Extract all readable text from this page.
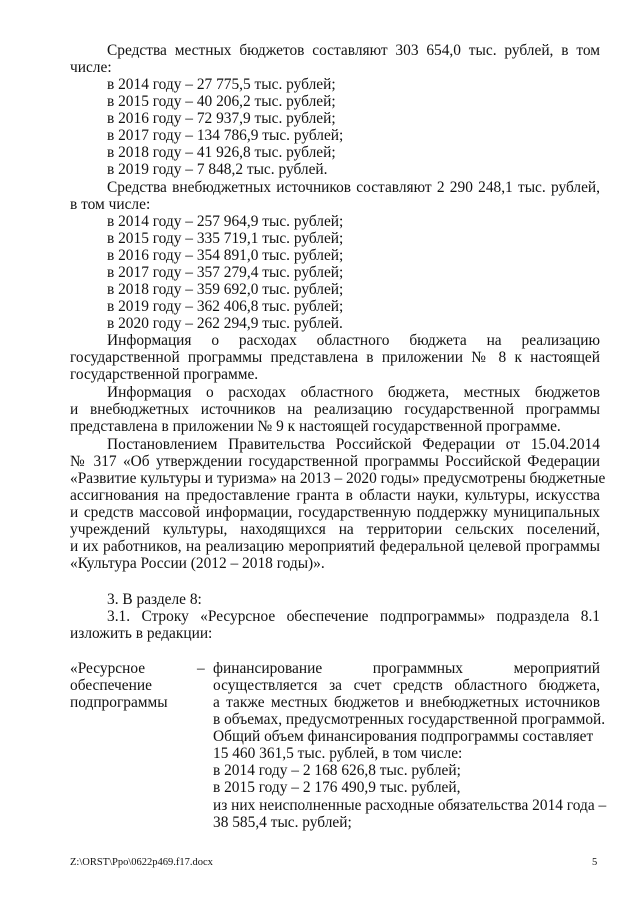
Средства местных бюджетов составляют 303 654,0 тыс. рублей, в том
числе:
в 2014 году – 27 775,5 тыс. рублей;
в 2015 году – 40 206,2 тыс. рублей;
в 2016 году – 72 937,9 тыс. рублей;
в 2017 году – 134 786,9 тыс. рублей;
в 2018 году – 41 926,8 тыс. рублей;
в 2019 году – 7 848,2 тыс. рублей.
Средства внебюджетных источников составляют 2 290 248,1 тыс. рублей,
в том числе:
в 2014 году – 257 964,9 тыс. рублей;
в 2015 году – 335 719,1 тыс. рублей;
в 2016 году – 354 891,0 тыс. рублей;
в 2017 году – 357 279,4 тыс. рублей;
в 2018 году – 359 692,0 тыс. рублей;
в 2019 году – 362 406,8 тыс. рублей;
в 2020 году – 262 294,9 тыс. рублей.
Информация о расходах областного бюджета на реализацию
государственной программы представлена в приложении № 8 к настоящей
государственной программе.
Информация о расходах областного бюджета, местных бюджетов
и внебюджетных источников на реализацию государственной программы
представлена в приложении № 9 к настоящей государственной программе.
Постановлением Правительства Российской Федерации от 15.04.2014
№ 317 «Об утверждении государственной программы Российской Федерации
«Развитие культуры и туризма» на 2013 – 2020 годы» предусмотрены бюджетные
ассигнования на предоставление гранта в области науки, культуры, искусства
и средств массовой информации, государственную поддержку муниципальных
учреждений культуры, находящихся на территории сельских поселений,
и их работников, на реализацию мероприятий федеральной целевой программы
«Культура России (2012 – 2018 годы)».
3. В разделе 8:
3.1. Строку «Ресурсное обеспечение подпрограммы» подраздела 8.1
изложить в редакции:
«Ресурсное
обеспечение
подпрограммы
– финансирование программных мероприятий
осуществляется за счет средств областного бюджета,
а также местных бюджетов и внебюджетных источников
в объемах, предусмотренных государственной программой.
Общий объем финансирования подпрограммы составляет
15 460 361,5 тыс. рублей, в том числе:
в 2014 году – 2 168 626,8 тыс. рублей;
в 2015 году – 2 176 490,9 тыс. рублей,
из них неисполненные расходные обязательства 2014 года –
38 585,4 тыс. рублей;
Z:\ORST\Ppo\0622p469.f17.docx	5
